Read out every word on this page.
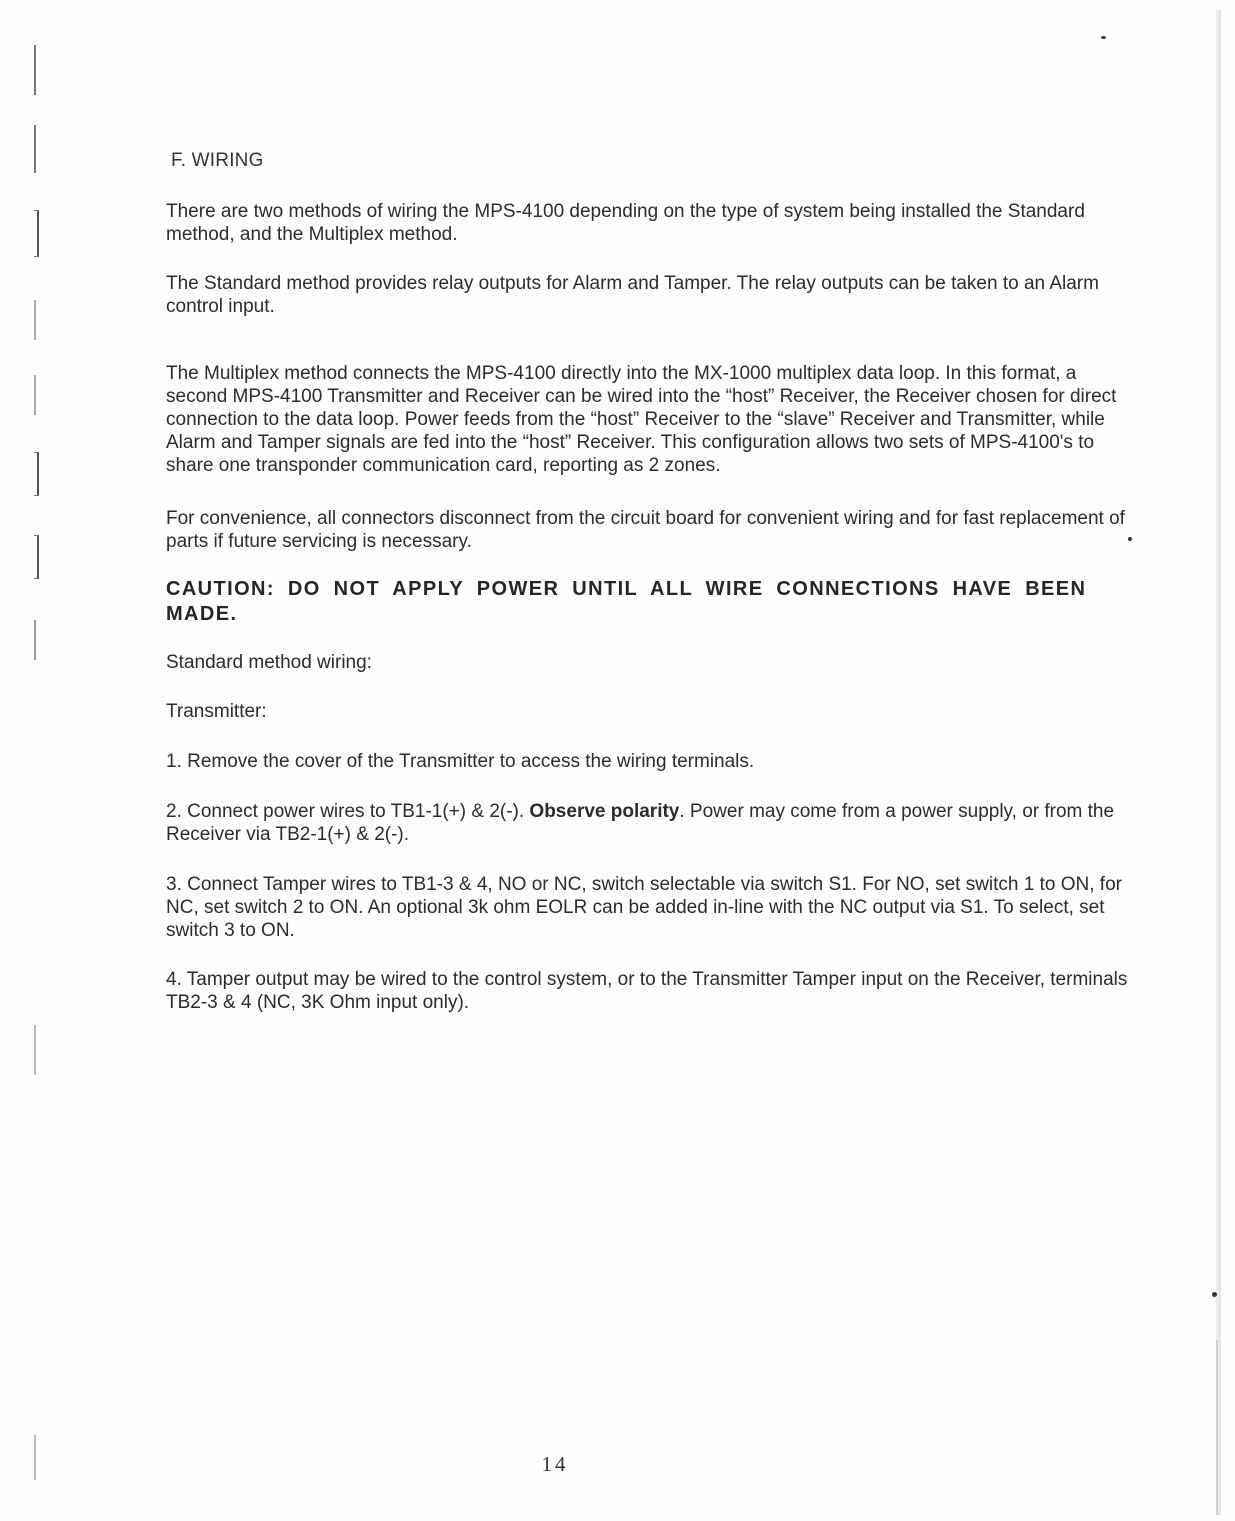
F. WIRING

There are two methods of wiring the MPS-4100 depending on the type of system being installed the Standard method, and the Multiplex method.

The Standard method provides relay outputs for Alarm and Tamper. The relay outputs can be taken to an Alarm control input.

The Multiplex method connects the MPS-4100 directly into the MX-1000 multiplex data loop. In this format, a second MPS-4100 Transmitter and Receiver can be wired into the “host” Receiver, the Receiver chosen for direct connection to the data loop. Power feeds from the “host” Receiver to the “slave” Receiver and Transmitter, while Alarm and Tamper signals are fed into the “host” Receiver. This configuration allows two sets of MPS-4100's to share one transponder communication card, reporting as 2 zones.

For convenience, all connectors disconnect from the circuit board for convenient wiring and for fast replacement of parts if future servicing is necessary.

CAUTION: DO NOT APPLY POWER UNTIL ALL WIRE CONNECTIONS HAVE BEEN MADE.

Standard method wiring:

Transmitter:

1. Remove the cover of the Transmitter to access the wiring terminals.

2. Connect power wires to TB1-1(+) & 2(-). Observe polarity. Power may come from a power supply, or from the Receiver via TB2-1(+) & 2(-).

3. Connect Tamper wires to TB1-3 & 4, NO or NC, switch selectable via switch S1. For NO, set switch 1 to ON, for NC, set switch 2 to ON. An optional 3k ohm EOLR can be added in-line with the NC output via S1. To select, set switch 3 to ON.

4. Tamper output may be wired to the control system, or to the Transmitter Tamper input on the Receiver, terminals TB2-3 & 4 (NC, 3K Ohm input only).

14
